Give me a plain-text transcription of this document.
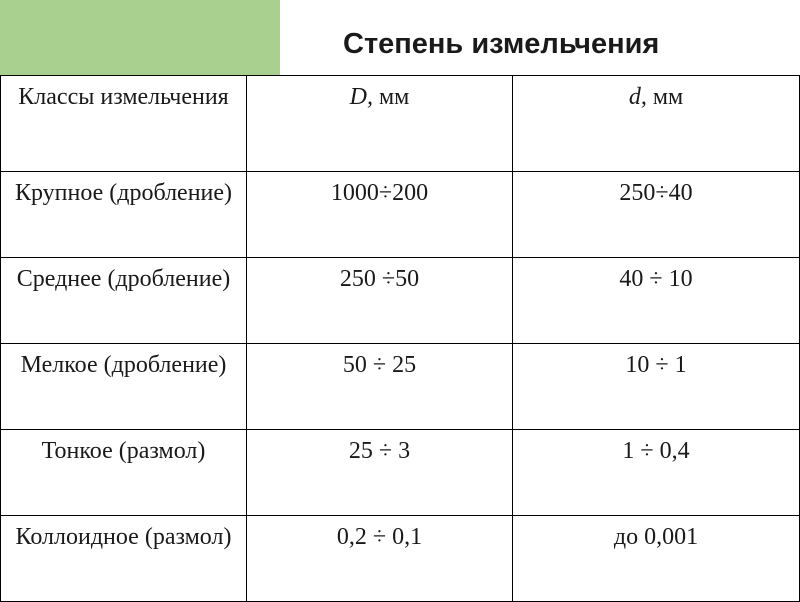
Степень измельчения
Классы измельчения	D, мм	d, мм
Крупное (дробление)	1000÷200	250÷40
Среднее (дробление)	250 ÷50	40 ÷ 10
Мелкое (дробление)	50 ÷ 25	10 ÷ 1
Тонкое (размол)	25 ÷ 3	1 ÷ 0,4
Коллоидное (размол)	0,2 ÷ 0,1	до 0,001
